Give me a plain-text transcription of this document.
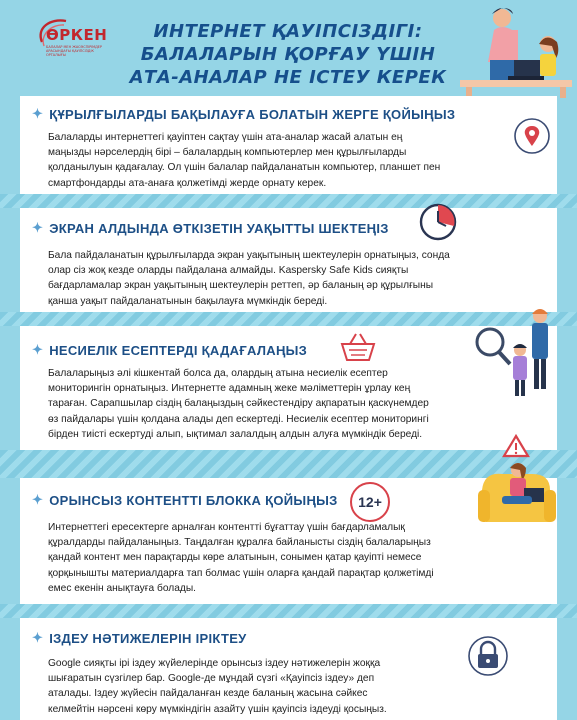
ӨРКЕН
БАЛАЛАР МЕН ЖАСӨСПІРІМДЕР АРАСЫНДАҒЫ ҚАУІПСІЗДІК ОРТАЛЫҒЫ
ИНТЕРНЕТ ҚАУІПСІЗДІГІ:
БАЛАЛАРЫН ҚОРҒАУ ҮШІН
АТА-АНАЛАР НЕ ІСТЕУ КЕРЕК
✦ ҚҰРЫЛҒЫЛАРДЫ БАҚЫЛАУҒА БОЛАТЫН ЖЕРГЕ ҚОЙЫҢЫЗ
Балаларды интернеттегі қауіптен сақтау үшін ата-аналар жасай алатын ең
маңызды нәрселердің бірі – балалардың компьютерлер мен құрылғыларды
қолданылуын қадағалау. Ол үшін балалар пайдаланатын компьютер, планшет пен
смартфондарды ата-анаға қолжетімді жерде орнату керек.
✦ ЭКРАН АЛДЫНДА ӨТКІЗЕТІН УАҚЫТТЫ ШЕКТЕҢІЗ
Бала пайдаланатын құрылғыларда экран уақытының шектеулерін орнатыңыз, сонда
олар сіз жоқ кезде оларды пайдалана алмайды. Kaspersky Safe Kids сияқты
бағдарламалар экран уақытының шектеулерін реттеп, әр баланың әр құрылғыны
қанша уақыт пайдаланатынын бақылауға мүмкіндік береді.
✦ НЕСИЕЛІК ЕСЕПТЕРДІ ҚАДАҒАЛАҢЫЗ
Балаларыңыз әлі кішкентай болса да, олардың атына несиелік есептер
мониторингін орнатыңыз. Интернетте адамның жеке мәліметтерін ұрлау кең
тараған. Сарапшылар сіздің балаңыздың сәйкестендіру ақпаратын қаскүнемдер
өз пайдалары үшін қолдана алады деп ескертеді. Несиелік есептер мониторингі
бірден тиісті ескертуді алып, ықтимал залалдың алдын алуға мүмкіндік береді.
✦ ОРЫНСЫЗ КОНТЕНТТІ БЛОККА ҚОЙЫҢЫЗ 12+
Интернеттегі ересектерге арналған контентті бұғаттау үшін бағдарламалық
құралдарды пайдаланыңыз. Таңдалған құралға байланысты сіздің балаларыңыз
қандай контент мен парақтарды көре алатынын, сонымен қатар қауіпті немесе
қорқынышты материалдарға тап болмас үшін оларға қандай парақтар қолжетімді
емес екенін анықтауға болады.
✦ ІЗДЕУ НӘТИЖЕЛЕРІН ІРІКТЕУ
Google сияқты ірі іздеу жүйелерінде орынсыз іздеу нәтижелерін жоққа
шығаратын сүзгілер бар. Google-де мұндай сүзгі «Қауіпсіз іздеу» деп
аталады. Іздеу жүйесін пайдаланған кезде баланың жасына сәйкес
келмейтін нәрсені көру мүмкіндігін азайту үшін қауіпсіз іздеуді қосыңыз.
